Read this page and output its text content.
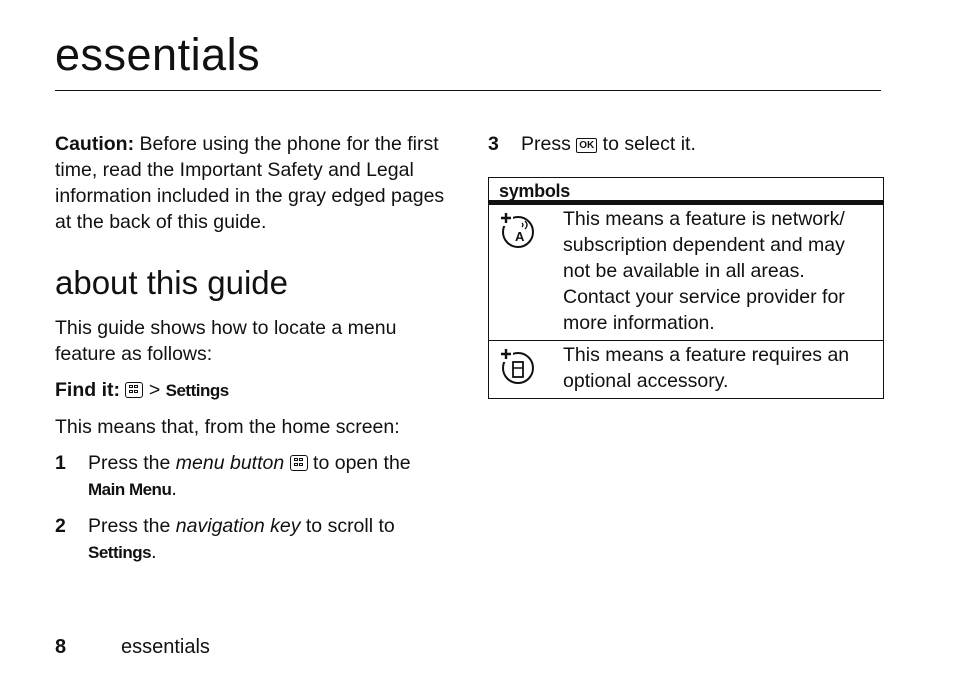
essentials

Caution: Before using the phone for the first time, read the Important Safety and Legal information included in the gray edged pages at the back of this guide.

about this guide

This guide shows how to locate a menu feature as follows:

Find it:
> Settings

This means that, from the home screen:

1	Press the menu button
to open the
Main Menu.
2	Press the navigation key to scroll to
Settings.
3	Press OK to select it.
symbols
A
This means a feature is network/ subscription dependent and may not be available in all areas. Contact your service provider for more information.
This means a feature requires an optional accessory.
8	essentials
